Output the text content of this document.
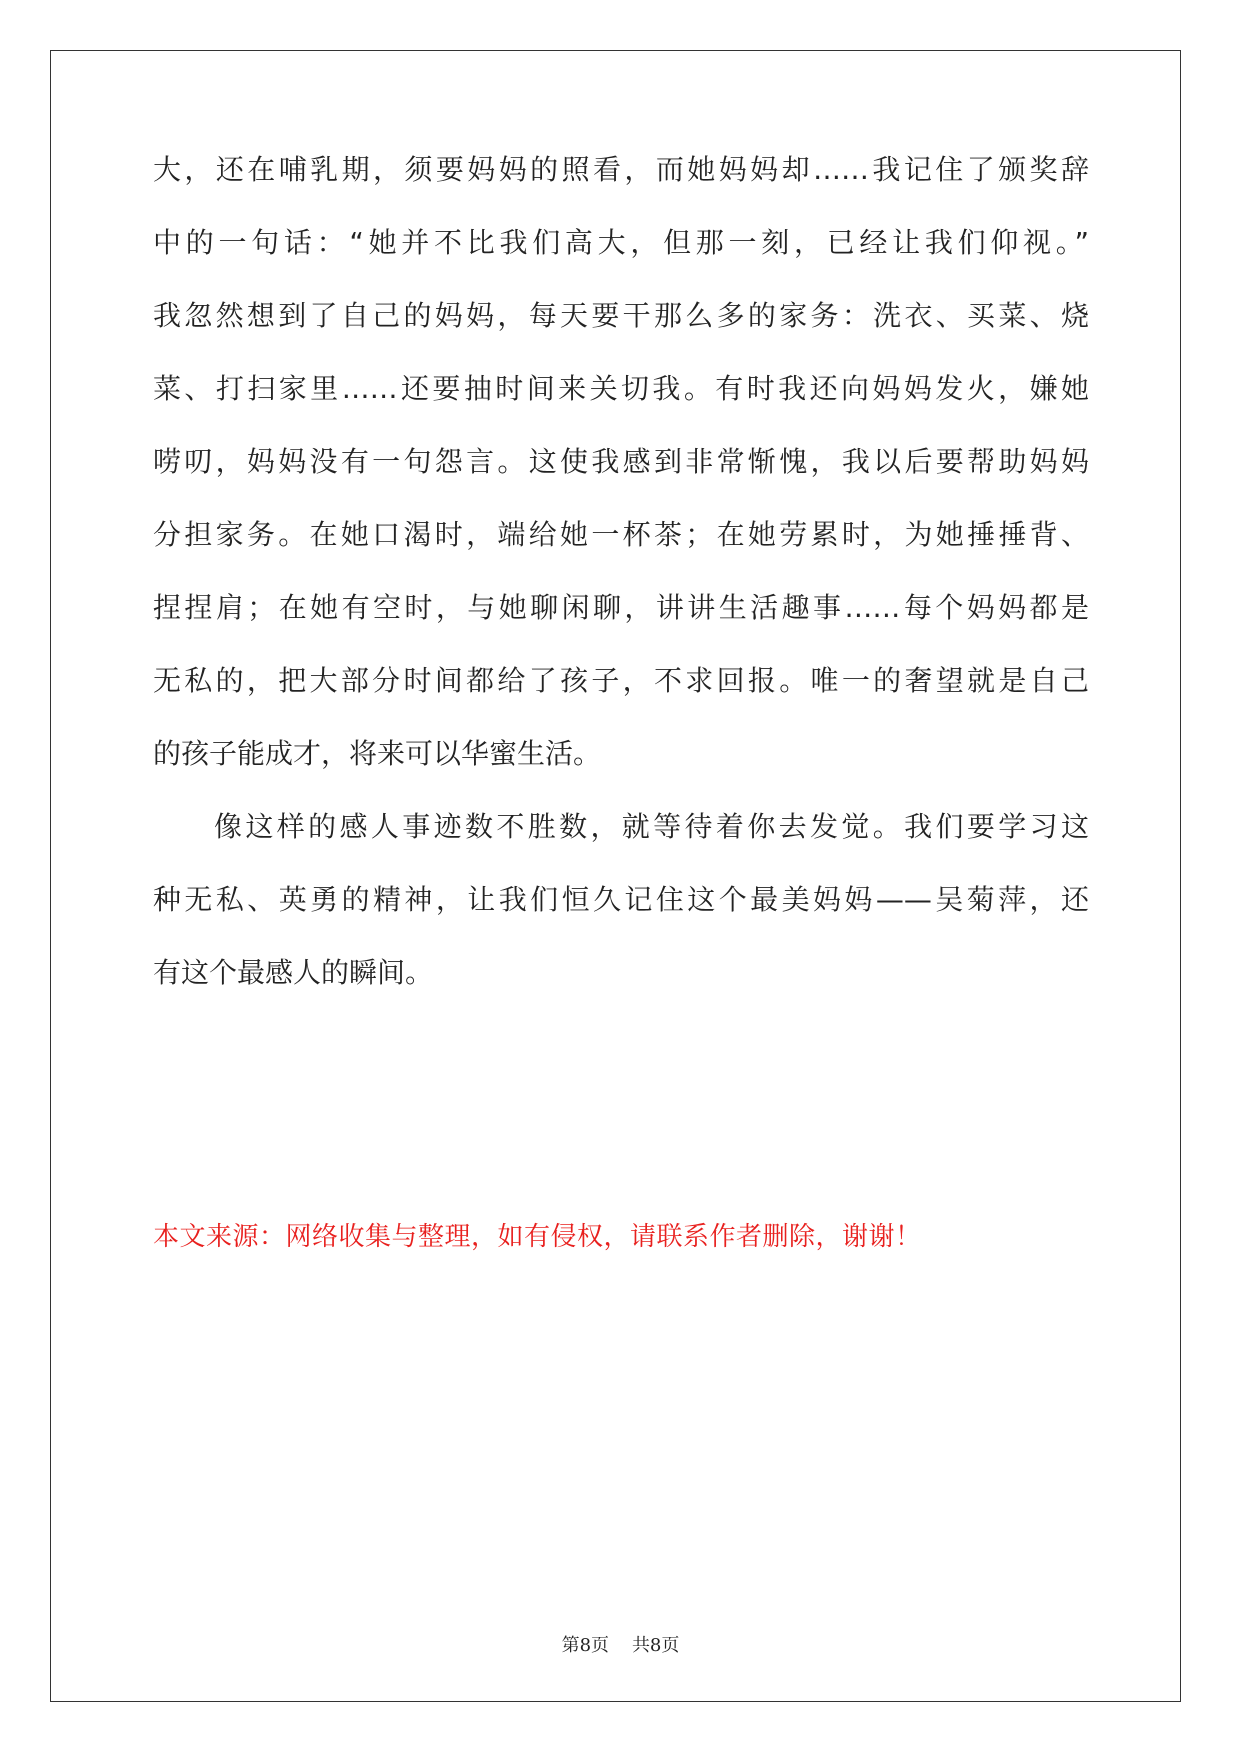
大，还在哺乳期，须要妈妈的照看，而她妈妈却……我记住了颁奖辞
中的一句话：“她并不比我们高大，但那一刻，已经让我们仰视。”
我忽然想到了自己的妈妈，每天要干那么多的家务：洗衣、买菜、烧
菜、打扫家里……还要抽时间来关切我。有时我还向妈妈发火，嫌她
唠叨，妈妈没有一句怨言。这使我感到非常惭愧，我以后要帮助妈妈
分担家务。在她口渴时，端给她一杯茶；在她劳累时，为她捶捶背、
捏捏肩；在她有空时，与她聊闲聊，讲讲生活趣事……每个妈妈都是
无私的，把大部分时间都给了孩子，不求回报。唯一的奢望就是自己
的孩子能成才，将来可以华蜜生活。
像这样的感人事迹数不胜数，就等待着你去发觉。我们要学习这
种无私、英勇的精神，让我们恒久记住这个最美妈妈——吴菊萍，还
有这个最感人的瞬间。
本文来源：网络收集与整理，如有侵权，请联系作者删除，谢谢！
第8页 共8页
